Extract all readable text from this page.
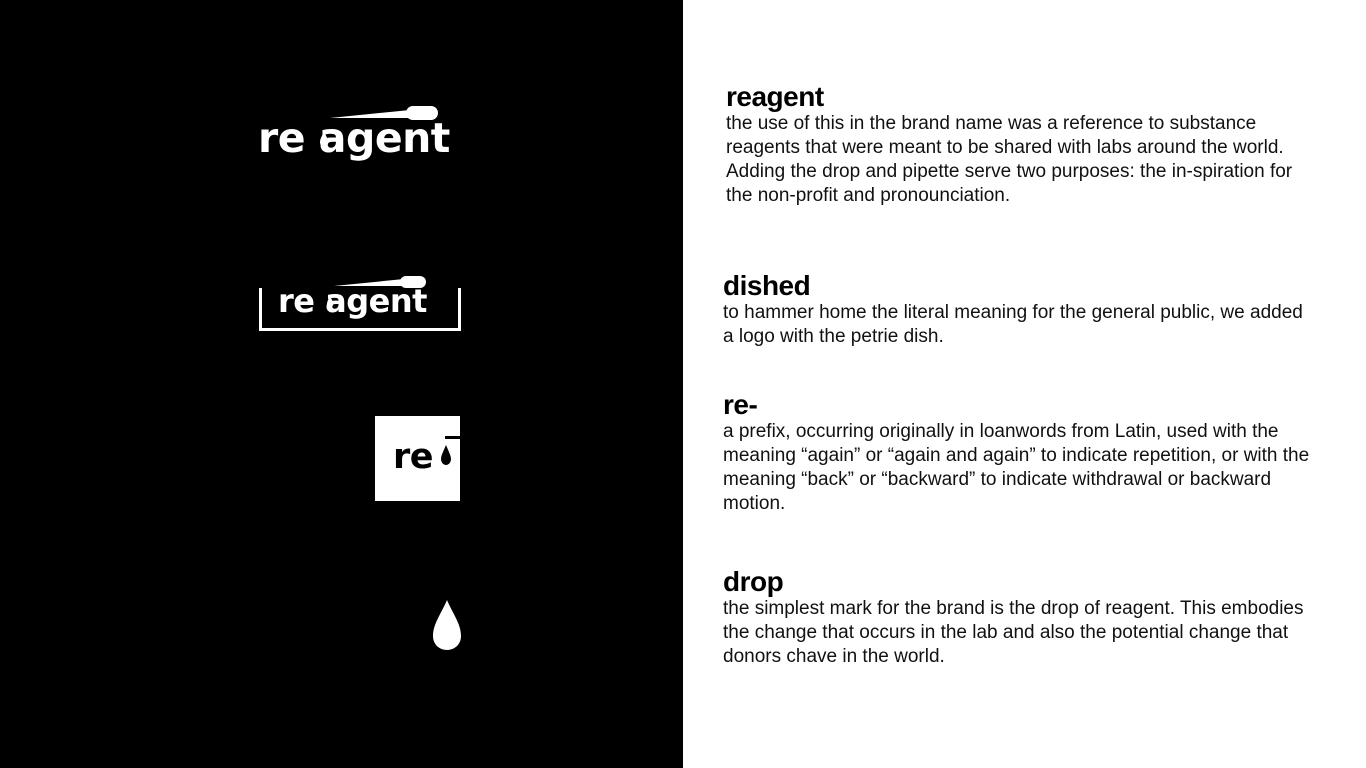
re agent
re agent
re
reagent

the use of this in the brand name was a reference to substance reagents that were meant to be shared with labs around the world. Adding the drop and pipette serve two purposes: the in-spiration for the non-profit and pronounciation.

dished

to hammer home the literal meaning for the general public, we added a logo with the petrie dish.

re-

a prefix, occurring originally in loanwords from Latin, used with the meaning “again” or “again and again” to indicate repetition, or with the meaning “back” or “backward” to indicate withdrawal or backward motion.

drop

the simplest mark for the brand is the drop of reagent. This embodies the change that occurs in the lab and also the potential change that donors chave in the world.
